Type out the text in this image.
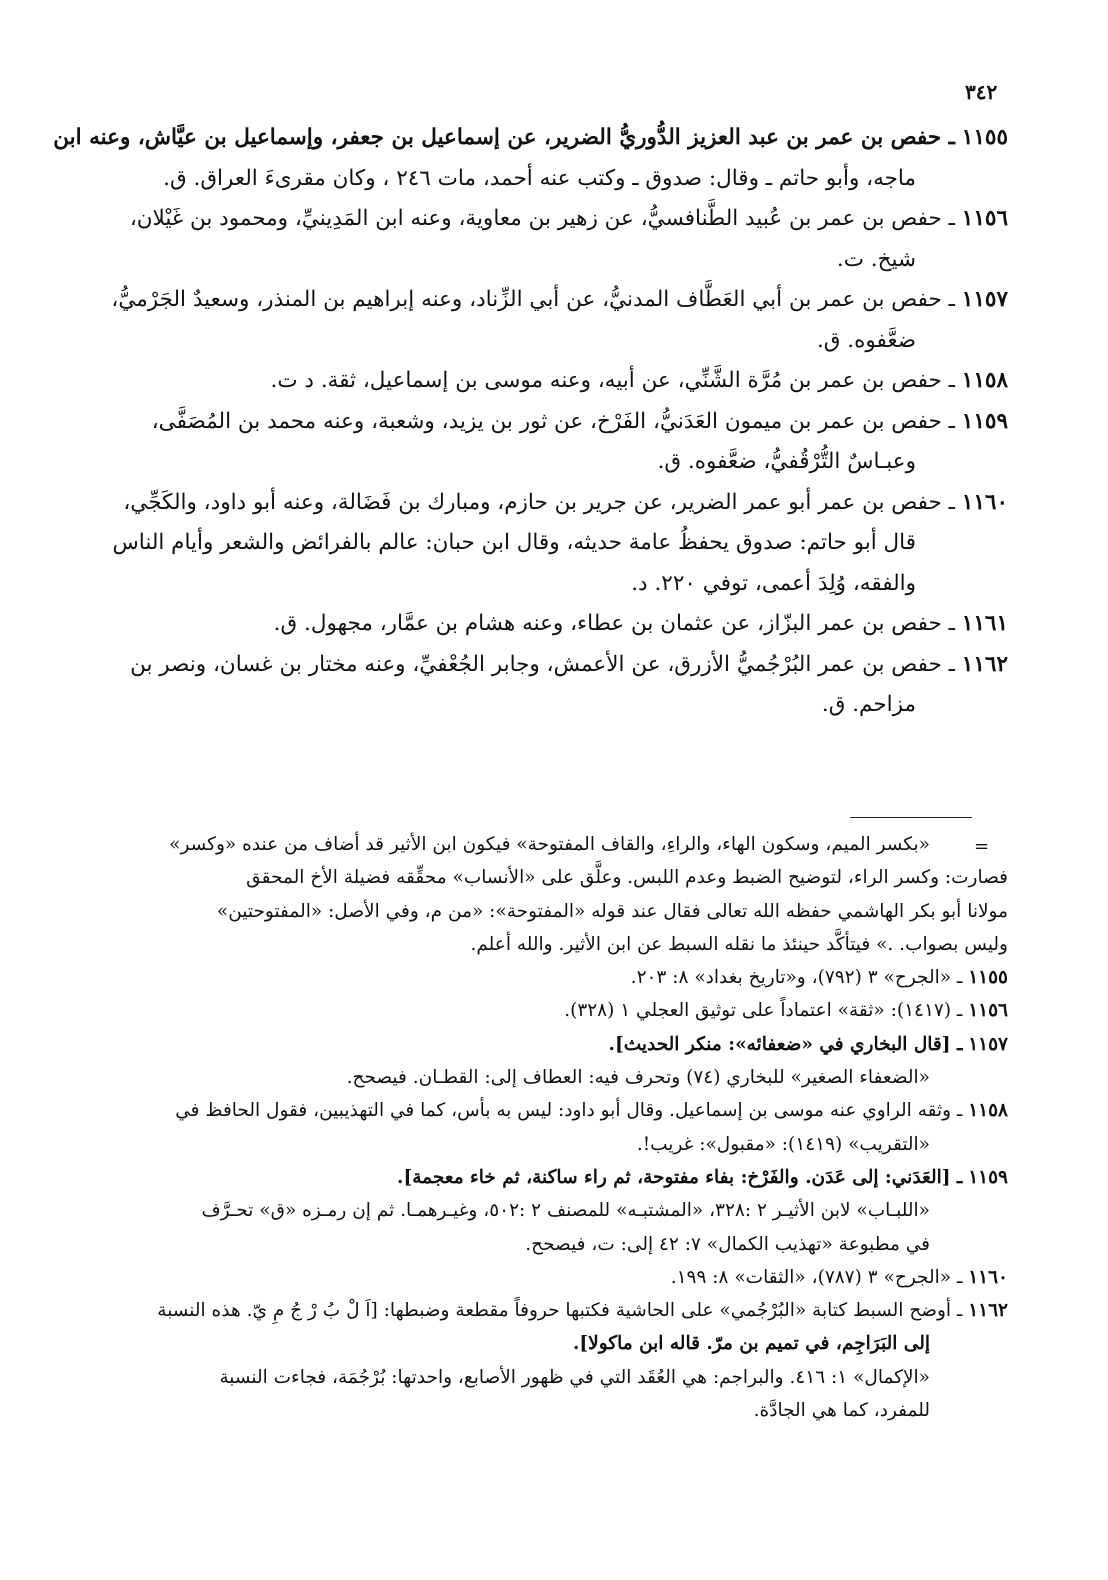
٣٤٢
١١٥٥ ـ حفص بن عمر بن عبد العزيز الدُّوريُّ الضرير، عن إسماعيل بن جعفر، وإسماعيل بن عيَّاش، وعنه ابن
ماجه، وأبو حاتم ـ وقال: صدوق ـ وكتب عنه أحمد، مات ٢٤٦ ، وكان مقرىءَ العراق. ق.
١١٥٦ ـ حفص بن عمر بن عُبيد الطَّنافسيُّ، عن زهير بن معاوية، وعنه ابن المَدِينيِّ، ومحمود بن غَيْلان،
شيخ. ت.
١١٥٧ ـ حفص بن عمر بن أبي العَطَّاف المدنيُّ، عن أبي الزِّناد، وعنه إبراهيم بن المنذر، وسعيدٌ الجَرْميُّ،
ضعَّفوه. ق.
١١٥٨ ـ حفص بن عمر بن مُرَّة الشَّنِّي، عن أبيه، وعنه موسى بن إسماعيل، ثقة. د ت.
١١٥٩ ـ حفص بن عمر بن ميمون العَدَنيُّ، الفَرْخ، عن ثور بن يزيد، وشعبة، وعنه محمد بن المُصَفَّى،
وعبـاسٌ التُّرْقُفيُّ، ضعَّفوه. ق.
١١٦٠ ـ حفص بن عمر أبو عمر الضرير، عن جرير بن حازم، ومبارك بن فَضَالة، وعنه أبو داود، والكَجِّي،
قال أبو حاتم: صدوق يحفظُ عامة حديثه، وقال ابن حبان: عالم بالفرائض والشعر وأيام الناس
والفقه، وُلِدَ أعمى، توفي ٢٢٠. د.
١١٦١ ـ حفص بن عمر البزّاز، عن عثمان بن عطاء، وعنه هشام بن عمَّار، مجهول. ق.
١١٦٢ ـ حفص بن عمر البُرْجُميُّ الأزرق، عن الأعمش، وجابر الجُعْفيِّ، وعنه مختار بن غسان، ونصر بن
مزاحم. ق.
=
«بكسر الميم، وسكون الهاء، والراءِ، والقاف المفتوحة» فيكون ابن الأثير قد أضاف من عنده «وكسر»
فصارت: وكسر الراء، لتوضيح الضبط وعدم اللبس. وعلَّق على «الأنساب» محقِّقه فضيلة الأخ المحقق
مولانا أبو بكر الهاشمي حفظه الله تعالى فقال عند قوله «المفتوحة»: «من م، وفي الأصل: «المفتوحتين»
وليس بصواب. .» فيتأكَّد حينئذ ما نقله السبط عن ابن الأثير. والله أعلم.
١١٥٥ ـ «الجرح» ٣ (٧٩٢)، و«تاريخ بغداد» ٨: ٢٠٣.
١١٥٦ ـ (١٤١٧): «ثقة» اعتماداً على توثيق العجلي ١ (٣٢٨).
١١٥٧ ـ [قال البخاري في «ضعفائه»: منكر الحديث].
«الضعفاء الصغير» للبخاري (٧٤) وتحرف فيه: العطاف إلى: القطـان. فيصحح.
١١٥٨ ـ وثقه الراوي عنه موسى بن إسماعيل. وقال أبو داود: ليس به بأس، كما في التهذيبين، فقول الحافظ في
«التقريب» (١٤١٩): «مقبول»: غريب!.
١١٥٩ ـ [العَدَني: إلى عَدَن. والفَرْخ: بفاء مفتوحة، ثم راء ساكنة، ثم خاء معجمة].
«اللبـاب» لابن الأثيـر ٢ :٣٢٨، «المشتبـه» للمصنف ٢ :٥٠٢، وغيـرهمـا. ثم إن رمـزه «ق» تحـرَّف
في مطبوعة «تهذيب الكمال» ٧: ٤٢ إلى: ت، فيصحح.
١١٦٠ ـ «الجرح» ٣ (٧٨٧)، «الثقات» ٨: ١٩٩.
١١٦٢ ـ أوضح السبط كتابة «البُرْجُمي» على الحاشية فكتبها حروفاً مقطعة وضبطها: [اَ لْ بُ رْ جُ مِ يّ. هذه النسبة
إلى البَرَاجِم، في تميم بن مرّ. قاله ابن ماكولا].
«الإكمال» ١: ٤١٦. والبراجم: هي العُقَد التي في ظهور الأصابع، واحدتها: بُرْجُمَة، فجاءت النسبة
للمفرد، كما هي الجادَّة.
